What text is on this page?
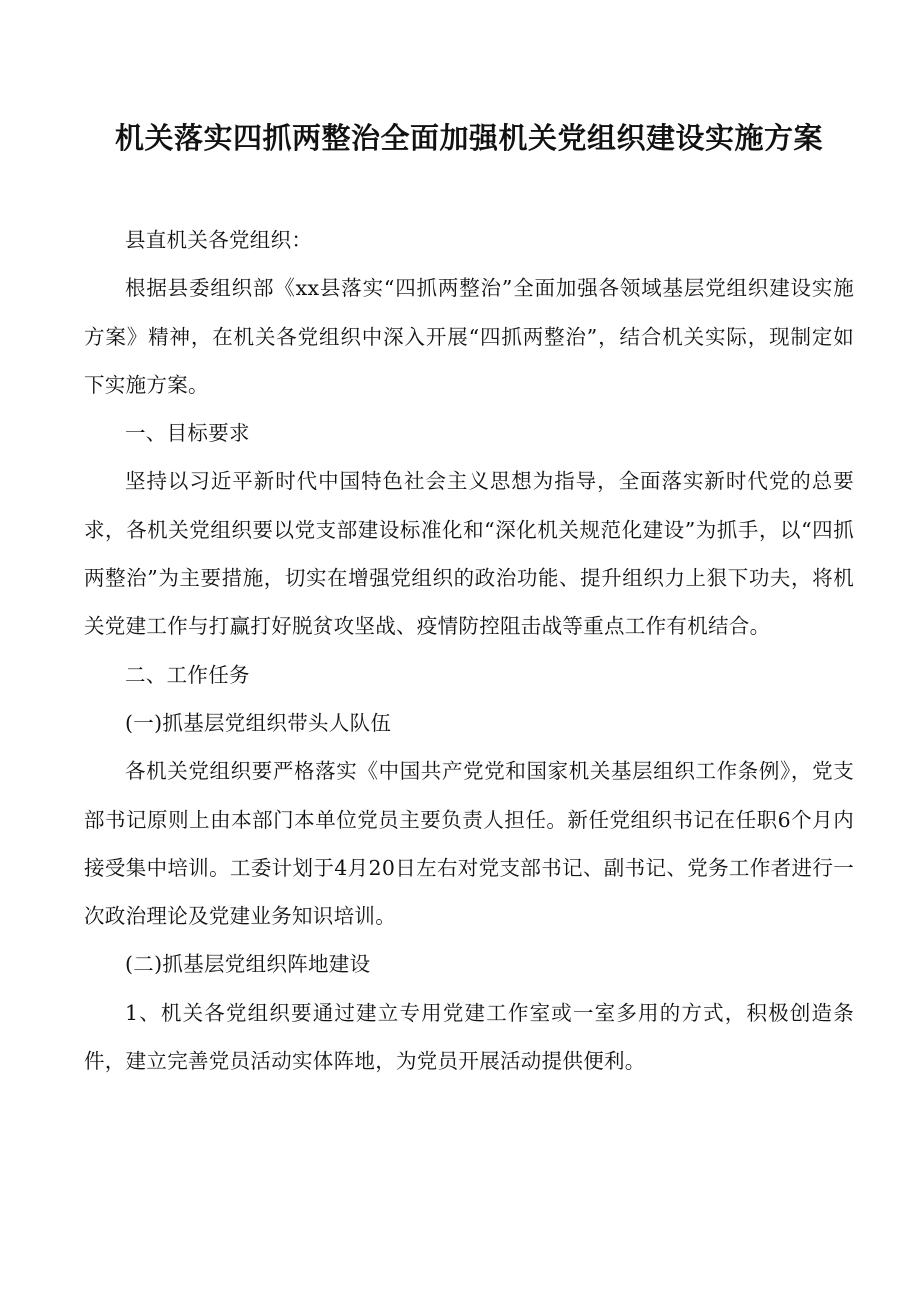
机关落实四抓两整治全面加强机关党组织建设实施方案

县直机关各党组织：

根据县委组织部《xx县落实“四抓两整治”全面加强各领域基层党组织建设实施方案》精神，在机关各党组织中深入开展“四抓两整治”，结合机关实际，现制定如下实施方案。

一、目标要求

坚持以习近平新时代中国特色社会主义思想为指导，全面落实新时代党的总要求，各机关党组织要以党支部建设标准化和“深化机关规范化建设”为抓手，以“四抓两整治”为主要措施，切实在增强党组织的政治功能、提升组织力上狠下功夫，将机关党建工作与打赢打好脱贫攻坚战、疫情防控阻击战等重点工作有机结合。

二、工作任务

(一)抓基层党组织带头人队伍

各机关党组织要严格落实《中国共产党党和国家机关基层组织工作条例》，党支部书记原则上由本部门本单位党员主要负责人担任。新任党组织书记在任职6个月内接受集中培训。工委计划于4月20日左右对党支部书记、副书记、党务工作者进行一次政治理论及党建业务知识培训。

(二)抓基层党组织阵地建设

1、机关各党组织要通过建立专用党建工作室或一室多用的方式，积极创造条件，建立完善党员活动实体阵地，为党员开展活动提供便利。
